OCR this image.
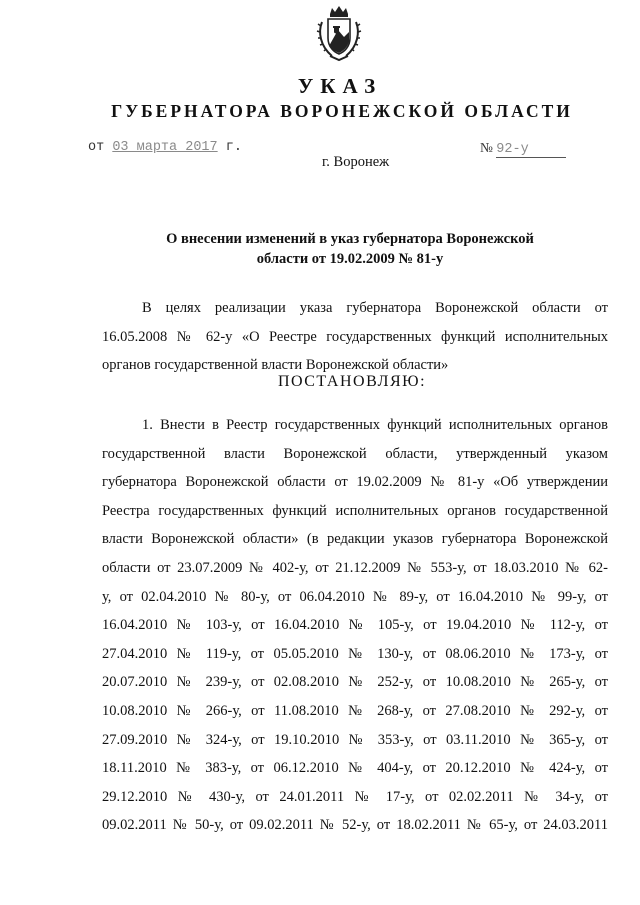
УКАЗ
ГУБЕРНАТОРА ВОРОНЕЖСКОЙ ОБЛАСТИ
от 03 марта 2017 г.	№ 92-у
г. Воронеж
О внесении изменений в указ губернатора Воронежской
области от 19.02.2009 № 81-у
В целях реализации указа губернатора Воронежской области от
16.05.2008 № 62-у «О Реестре государственных функций исполнительных
органов государственной власти Воронежской области»
ПОСТАНОВЛЯЮ:
1. Внести в Реестр государственных функций исполнительных органов
государственной власти Воронежской области, утвержденный указом
губернатора Воронежской области от 19.02.2009 № 81-у «Об утверждении
Реестра государственных функций исполнительных органов государственной
власти Воронежской области» (в редакции указов губернатора Воронежской
области от 23.07.2009 № 402-у, от 21.12.2009 № 553-у, от 18.03.2010 № 62-
у, от 02.04.2010 № 80-у, от 06.04.2010 № 89-у, от 16.04.2010 № 99-у, от
16.04.2010 № 103-у, от 16.04.2010 № 105-у, от 19.04.2010 № 112-у, от
27.04.2010 № 119-у, от 05.05.2010 № 130-у, от 08.06.2010 № 173-у, от
20.07.2010 № 239-у, от 02.08.2010 № 252-у, от 10.08.2010 № 265-у, от
10.08.2010 № 266-у, от 11.08.2010 № 268-у, от 27.08.2010 № 292-у, от
27.09.2010 № 324-у, от 19.10.2010 № 353-у, от 03.11.2010 № 365-у, от
18.11.2010 № 383-у, от 06.12.2010 № 404-у, от 20.12.2010 № 424-у, от
29.12.2010 № 430-у, от 24.01.2011 № 17-у, от 02.02.2011 № 34-у, от
09.02.2011 № 50-у, от 09.02.2011 № 52-у, от 18.02.2011 № 65-у, от 24.03.2011
